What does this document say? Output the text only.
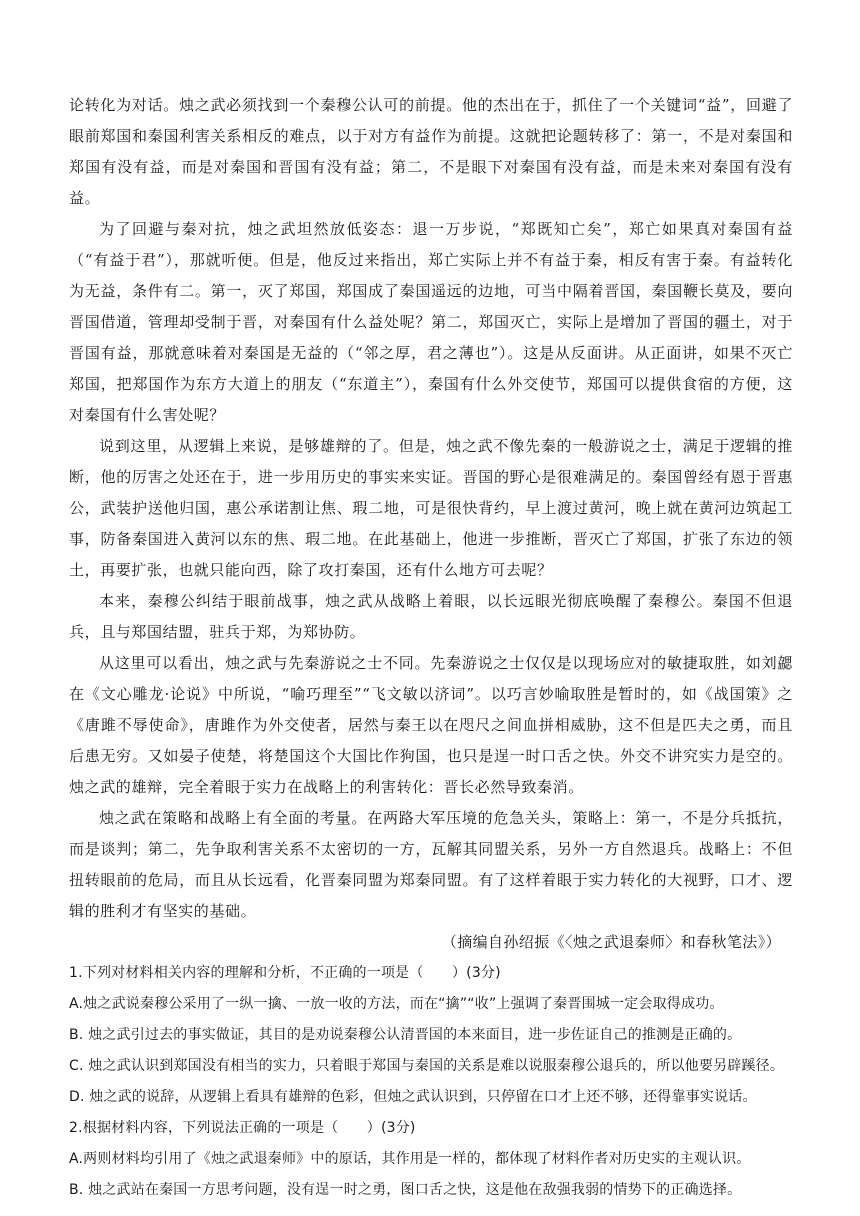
论转化为对话。烛之武必须找到一个秦穆公认可的前提。他的杰出在于，抓住了一个关键词“益”，回避了眼前郑国和秦国利害关系相反的难点，以于对方有益作为前提。这就把论题转移了：第一，不是对秦国和郑国有没有益，而是对秦国和晋国有没有益；第二，不是眼下对秦国有没有益，而是未来对秦国有没有益。

为了回避与秦对抗，烛之武坦然放低姿态：退一万步说，“郑既知亡矣”，郑亡如果真对秦国有益（“有益于君”），那就听便。但是，他反过来指出，郑亡实际上并不有益于秦，相反有害于秦。有益转化为无益，条件有二。第一，灭了郑国，郑国成了秦国遥远的边地，可当中隔着晋国，秦国鞭长莫及，要向晋国借道，管理却受制于晋，对秦国有什么益处呢？第二，郑国灭亡，实际上是增加了晋国的疆土，对于晋国有益，那就意味着对秦国是无益的（“邻之厚，君之薄也”）。这是从反面讲。从正面讲，如果不灭亡郑国，把郑国作为东方大道上的朋友（“东道主”），秦国有什么外交使节，郑国可以提供食宿的方便，这对秦国有什么害处呢？

说到这里，从逻辑上来说，是够雄辩的了。但是，烛之武不像先秦的一般游说之士，满足于逻辑的推断，他的厉害之处还在于，进一步用历史的事实来实证。晋国的野心是很难满足的。秦国曾经有恩于晋惠公，武装护送他归国，惠公承诺割让焦、瑕二地，可是很快背约，早上渡过黄河，晚上就在黄河边筑起工事，防备秦国进入黄河以东的焦、瑕二地。在此基础上，他进一步推断，晋灭亡了郑国，扩张了东边的领土，再要扩张，也就只能向西，除了攻打秦国，还有什么地方可去呢？

本来，秦穆公纠结于眼前战事，烛之武从战略上着眼，以长远眼光彻底唤醒了秦穆公。秦国不但退兵，且与郑国结盟，驻兵于郑，为郑协防。

从这里可以看出，烛之武与先秦游说之士不同。先秦游说之士仅仅是以现场应对的敏捷取胜，如刘勰在《文心雕龙·论说》中所说，“喻巧理至”“飞文敏以济词”。以巧言妙喻取胜是暂时的，如《战国策》之《唐雎不辱使命》，唐雎作为外交使者，居然与秦王以在咫尺之间血拼相威胁，这不但是匹夫之勇，而且后患无穷。又如晏子使楚，将楚国这个大国比作狗国，也只是逞一时口舌之快。外交不讲究实力是空的。烛之武的雄辩，完全着眼于实力在战略上的利害转化：晋长必然导致秦消。

烛之武在策略和战略上有全面的考量。在两路大军压境的危急关头，策略上：第一，不是分兵抵抗，而是谈判；第二，先争取利害关系不太密切的一方，瓦解其同盟关系，另外一方自然退兵。战略上：不但扭转眼前的危局，而且从长远看，化晋秦同盟为郑秦同盟。有了这样着眼于实力转化的大视野，口才、逻辑的胜利才有坚实的基础。

（摘编自孙绍振《〈烛之武退秦师〉和春秋笔法》）

1.下列对材料相关内容的理解和分析，不正确的一项是（　　）(3分)

A.烛之武说秦穆公采用了一纵一擒、一放一收的方法，而在“擒”“收”上强调了秦晋围城一定会取得成功。

B. 烛之武引过去的事实做证，其目的是劝说秦穆公认清晋国的本来面目，进一步佐证自己的推测是正确的。

C. 烛之武认识到郑国没有相当的实力，只着眼于郑国与秦国的关系是难以说服秦穆公退兵的，所以他要另辟蹊径。

D. 烛之武的说辞，从逻辑上看具有雄辩的色彩，但烛之武认识到，只停留在口才上还不够，还得靠事实说话。

2.根据材料内容，下列说法正确的一项是（　　）(3分)

A.两则材料均引用了《烛之武退秦师》中的原话，其作用是一样的，都体现了材料作者对历史实的主观认识。

B. 烛之武站在秦国一方思考问题，没有逞一时之勇，图口舌之快，这是他在敌强我弱的情势下的正确选择。
